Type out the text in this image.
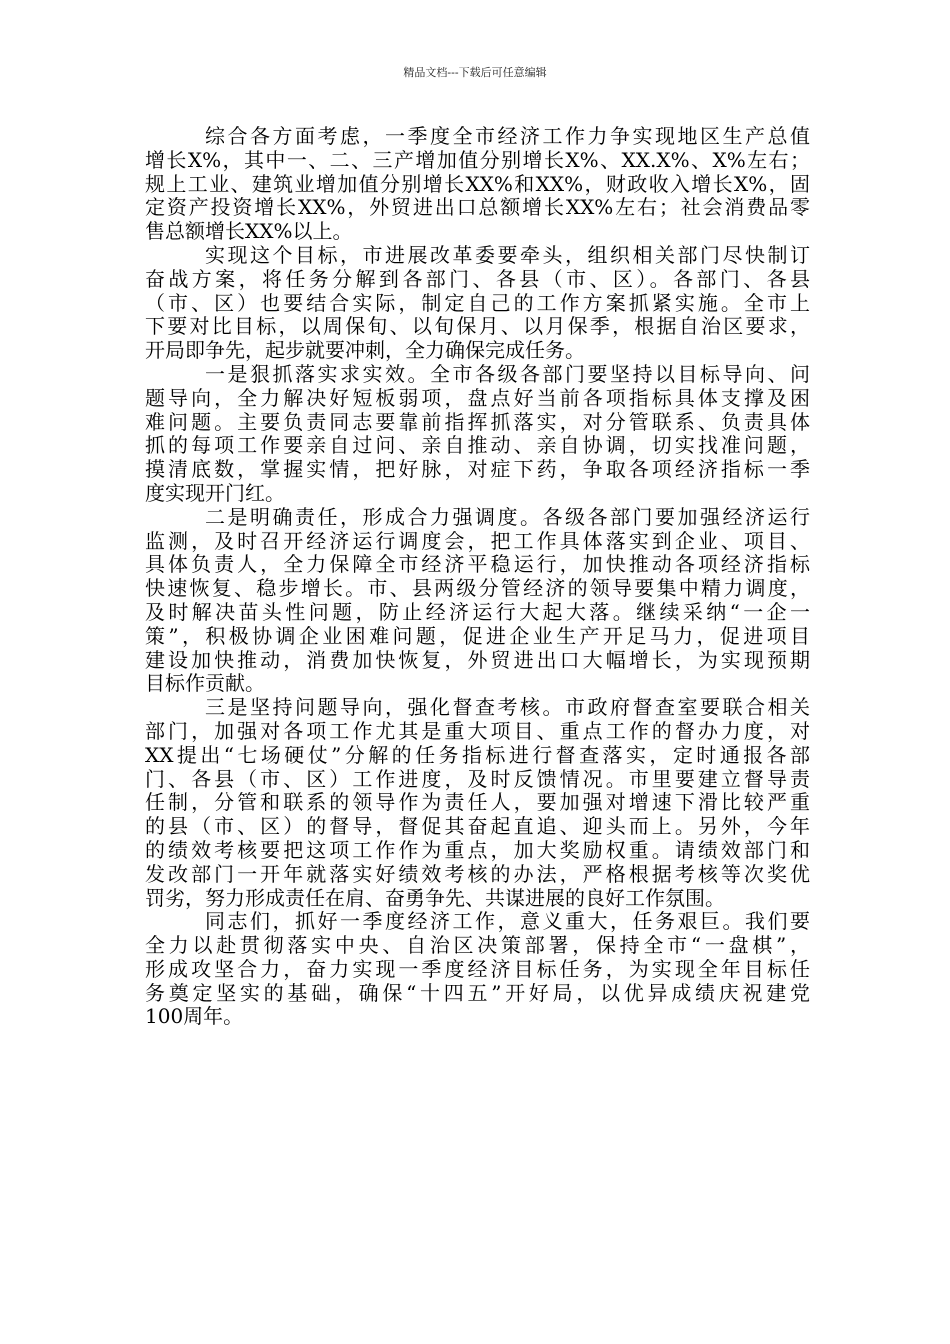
精品文档---下载后可任意编辑
综合各方面考虑，一季度全市经济工作力争实现地区生产总值
增长X%，其中一、二、三产增加值分别增长X%、XX.X%、X%左右；
规上工业、建筑业增加值分别增长XX%和XX%，财政收入增长X%，固
定资产投资增长XX%，外贸进出口总额增长XX%左右；社会消费品零
售总额增长XX%以上。
实现这个目标，市进展改革委要牵头，组织相关部门尽快制订
奋战方案，将任务分解到各部门、各县（市、区）。各部门、各县
（市、区）也要结合实际，制定自己的工作方案抓紧实施。全市上
下要对比目标，以周保旬、以旬保月、以月保季，根据自治区要求，
开局即争先，起步就要冲刺，全力确保完成任务。
一是狠抓落实求实效。全市各级各部门要坚持以目标导向、问
题导向，全力解决好短板弱项，盘点好当前各项指标具体支撑及困
难问题。主要负责同志要靠前指挥抓落实，对分管联系、负责具体
抓的每项工作要亲自过问、亲自推动、亲自协调，切实找准问题，
摸清底数，掌握实情，把好脉，对症下药，争取各项经济指标一季
度实现开门红。
二是明确责任，形成合力强调度。各级各部门要加强经济运行
监测，及时召开经济运行调度会，把工作具体落实到企业、项目、
具体负责人，全力保障全市经济平稳运行，加快推动各项经济指标
快速恢复、稳步增长。市、县两级分管经济的领导要集中精力调度，
及时解决苗头性问题，防止经济运行大起大落。继续采纳“一企一
策”，积极协调企业困难问题，促进企业生产开足马力，促进项目
建设加快推动，消费加快恢复，外贸进出口大幅增长，为实现预期
目标作贡献。
三是坚持问题导向，强化督查考核。市政府督查室要联合相关
部门，加强对各项工作尤其是重大项目、重点工作的督办力度，对
XX提出“七场硬仗”分解的任务指标进行督查落实，定时通报各部
门、各县（市、区）工作进度，及时反馈情况。市里要建立督导责
任制，分管和联系的领导作为责任人，要加强对增速下滑比较严重
的县（市、区）的督导，督促其奋起直追、迎头而上。另外，今年
的绩效考核要把这项工作作为重点，加大奖励权重。请绩效部门和
发改部门一开年就落实好绩效考核的办法，严格根据考核等次奖优
罚劣，努力形成责任在肩、奋勇争先、共谋进展的良好工作氛围。
同志们，抓好一季度经济工作，意义重大，任务艰巨。我们要
全力以赴贯彻落实中央、自治区决策部署，保持全市“一盘棋”，
形成攻坚合力，奋力实现一季度经济目标任务，为实现全年目标任
务奠定坚实的基础，确保“十四五”开好局，以优异成绩庆祝建党
100周年。
